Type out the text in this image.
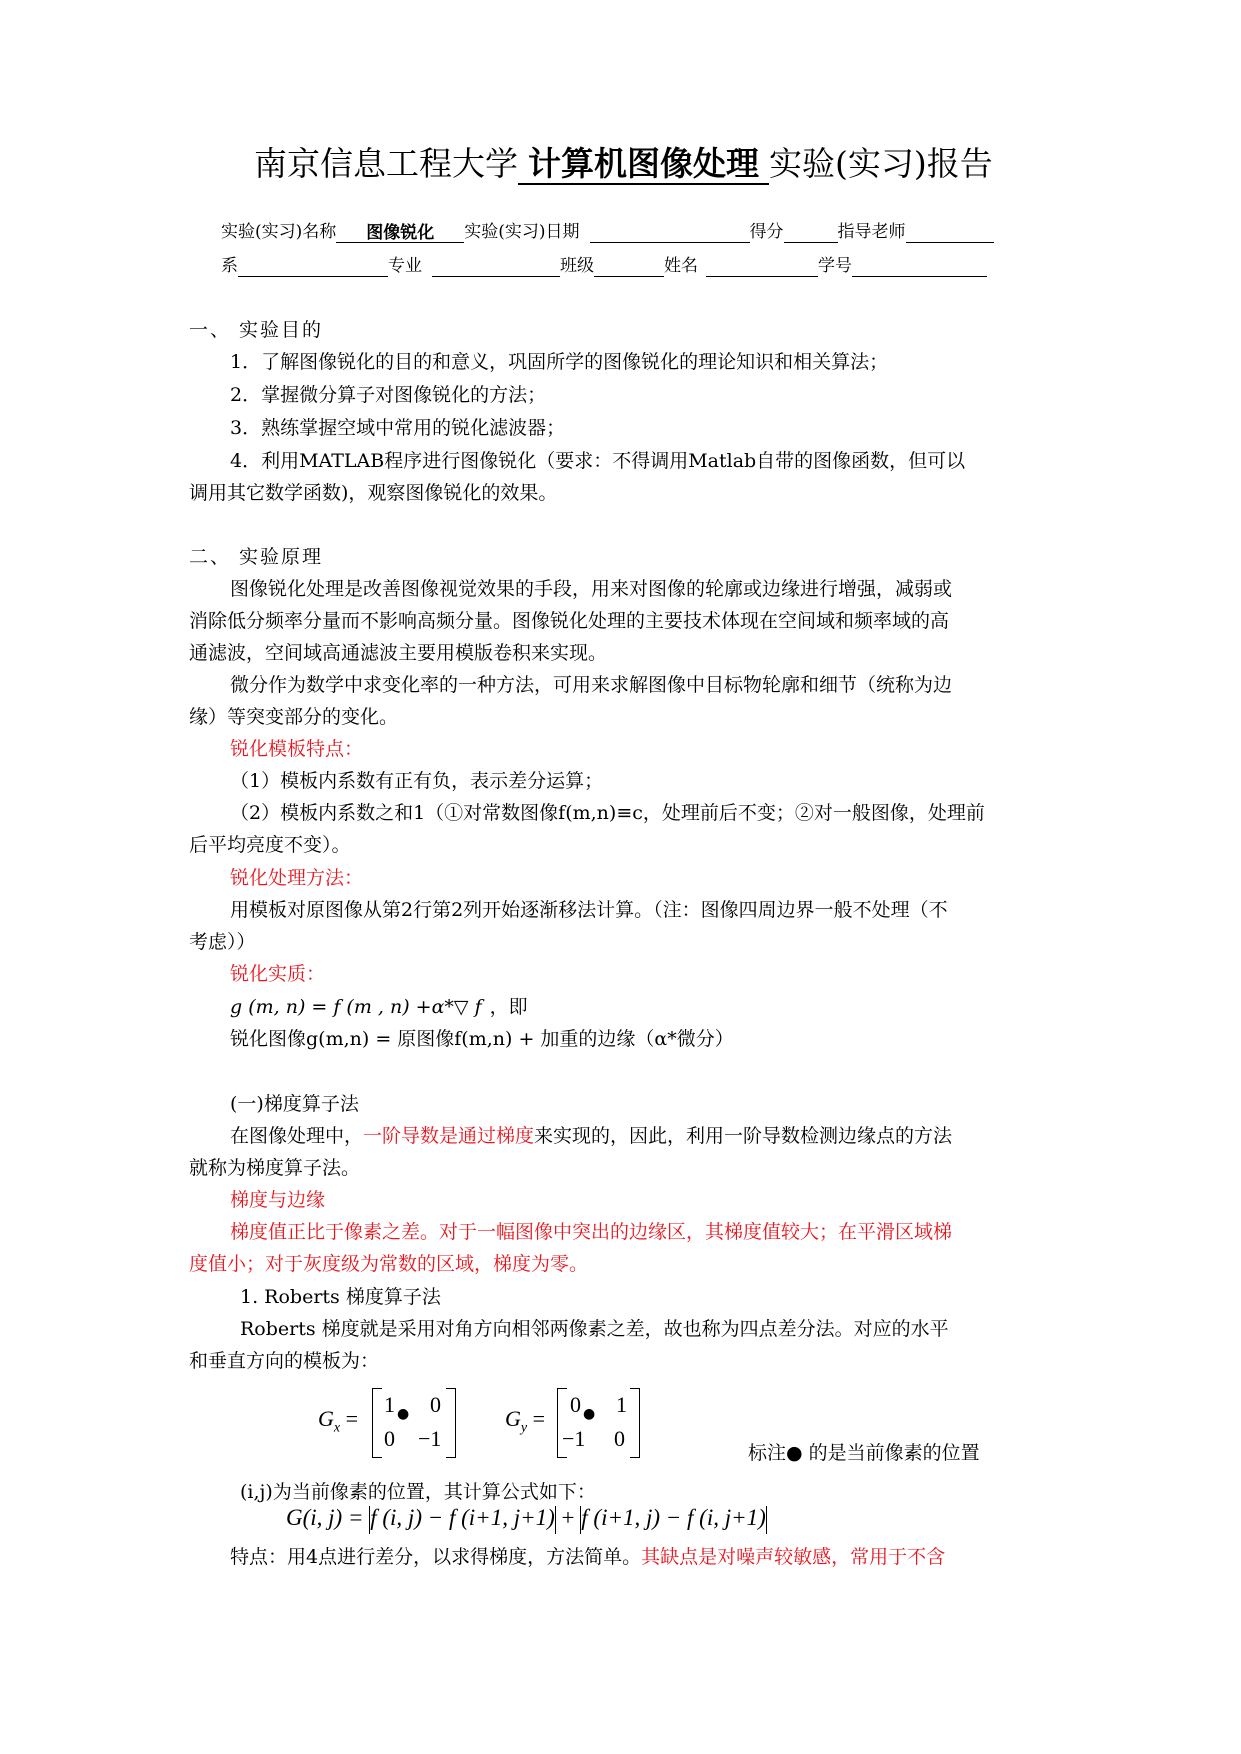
南京信息工程大学 计算机图像处理 实验(实习)报告
实验(实习)名称 图像锐化 实验(实习)日期	得分	指导老师
系	专业	班级	姓名	学号
一、 实验目的
1．了解图像锐化的目的和意义，巩固所学的图像锐化的理论知识和相关算法；
2．掌握微分算子对图像锐化的方法；
3．熟练掌握空域中常用的锐化滤波器；
4．利用MATLAB程序进行图像锐化（要求：不得调用Matlab自带的图像函数，但可以
调用其它数学函数)，观察图像锐化的效果。
二、 实验原理
图像锐化处理是改善图像视觉效果的手段，用来对图像的轮廓或边缘进行增强，减弱或
消除低分频率分量而不影响高频分量。图像锐化处理的主要技术体现在空间域和频率域的高
通滤波，空间域高通滤波主要用模版卷积来实现。
微分作为数学中求变化率的一种方法，可用来求解图像中目标物轮廓和细节（统称为边
缘）等突变部分的变化。
锐化模板特点：
（1）模板内系数有正有负，表示差分运算；
（2）模板内系数之和1（①对常数图像f(m,n)≡c，处理前后不变；②对一般图像，处理前
后平均亮度不变）。
锐化处理方法：
用模板对原图像从第2行第2列开始逐渐移法计算。（注：图像四周边界一般不处理（不
考虑））
锐化实质：
g (m, n) = f (m , n) +α*▽ f ，即
锐化图像g(m,n) = 原图像f(m,n) + 加重的边缘（α*微分）
(一)梯度算子法
在图像处理中，一阶导数是通过梯度来实现的，因此，利用一阶导数检测边缘点的方法
就称为梯度算子法。
梯度与边缘
梯度值正比于像素之差。对于一幅图像中突出的边缘区，其梯度值较大；在平滑区域梯
度值小；对于灰度级为常数的区域，梯度为零。
1. Roberts 梯度算子法
Roberts 梯度就是采用对角方向相邻两像素之差，故也称为四点差分法。对应的水平
和垂直方向的模板为：
$G_x$ =
1 ● 0
0 −1
$G_y$ =
0 ● 1
−1 0
标注● 的是当前像素的位置
(i,j)为当前像素的位置，其计算公式如下：
G(i, j) = f (i, j) − f (i+1, j+1) + f (i+1, j) − f (i, j+1)
特点：用4点进行差分，以求得梯度，方法简单。其缺点是对噪声较敏感，常用于不含
